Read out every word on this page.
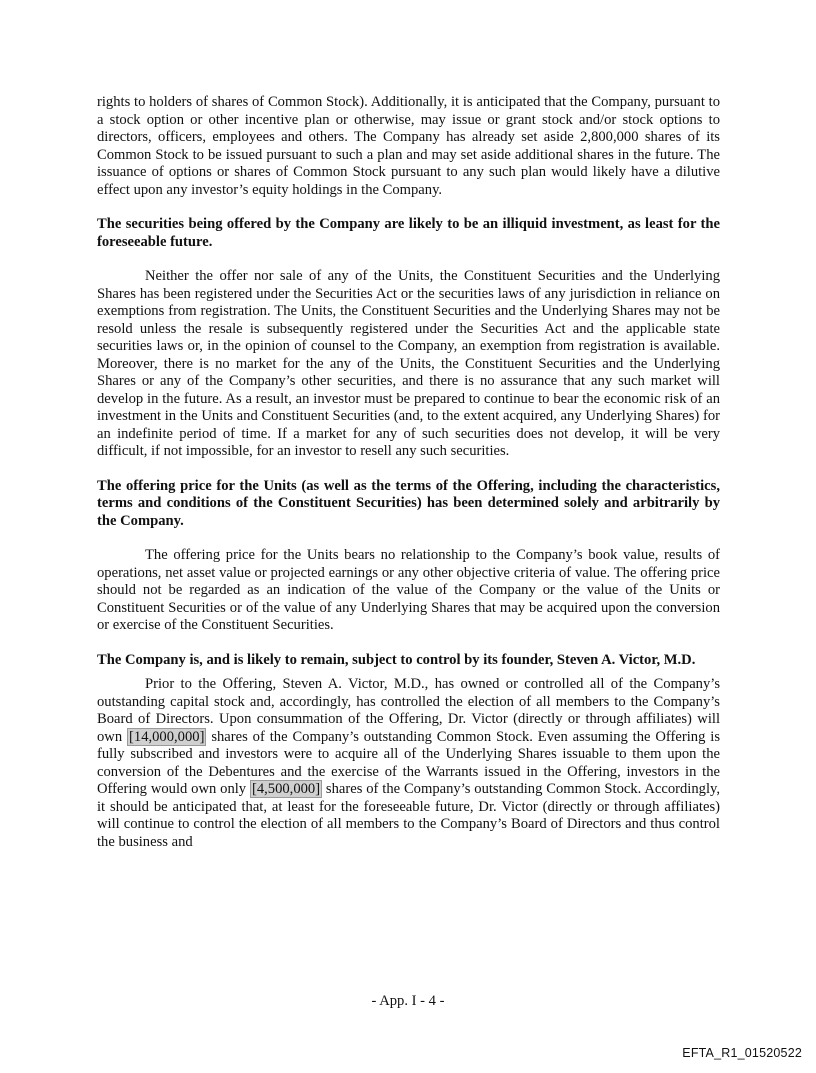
rights to holders of shares of Common Stock). Additionally, it is anticipated that the Company, pursuant to a stock option or other incentive plan or otherwise, may issue or grant stock and/or stock options to directors, officers, employees and others. The Company has already set aside 2,800,000 shares of its Common Stock to be issued pursuant to such a plan and may set aside additional shares in the future. The issuance of options or shares of Common Stock pursuant to any such plan would likely have a dilutive effect upon any investor’s equity holdings in the Company.

The securities being offered by the Company are likely to be an illiquid investment, as least for the foreseeable future.

Neither the offer nor sale of any of the Units, the Constituent Securities and the Underlying Shares has been registered under the Securities Act or the securities laws of any jurisdiction in reliance on exemptions from registration. The Units, the Constituent Securities and the Underlying Shares may not be resold unless the resale is subsequently registered under the Securities Act and the applicable state securities laws or, in the opinion of counsel to the Company, an exemption from registration is available. Moreover, there is no market for the any of the Units, the Constituent Securities and the Underlying Shares or any of the Company’s other securities, and there is no assurance that any such market will develop in the future. As a result, an investor must be prepared to continue to bear the economic risk of an investment in the Units and Constituent Securities (and, to the extent acquired, any Underlying Shares) for an indefinite period of time. If a market for any of such securities does not develop, it will be very difficult, if not impossible, for an investor to resell any such securities.

The offering price for the Units (as well as the terms of the Offering, including the characteristics, terms and conditions of the Constituent Securities) has been determined solely and arbitrarily by the Company.

The offering price for the Units bears no relationship to the Company’s book value, results of operations, net asset value or projected earnings or any other objective criteria of value. The offering price should not be regarded as an indication of the value of the Company or the value of the Units or Constituent Securities or of the value of any Underlying Shares that may be acquired upon the conversion or exercise of the Constituent Securities.

The Company is, and is likely to remain, subject to control by its founder, Steven A. Victor, M.D.

Prior to the Offering, Steven A. Victor, M.D., has owned or controlled all of the Company’s outstanding capital stock and, accordingly, has controlled the election of all members to the Company’s Board of Directors. Upon consummation of the Offering, Dr. Victor (directly or through affiliates) will own [14,000,000] shares of the Company’s outstanding Common Stock. Even assuming the Offering is fully subscribed and investors were to acquire all of the Underlying Shares issuable to them upon the conversion of the Debentures and the exercise of the Warrants issued in the Offering, investors in the Offering would own only [4,500,000] shares of the Company’s outstanding Common Stock. Accordingly, it should be anticipated that, at least for the foreseeable future, Dr. Victor (directly or through affiliates) will continue to control the election of all members to the Company’s Board of Directors and thus control the business and

- App. I - 4 -
EFTA_R1_01520522
